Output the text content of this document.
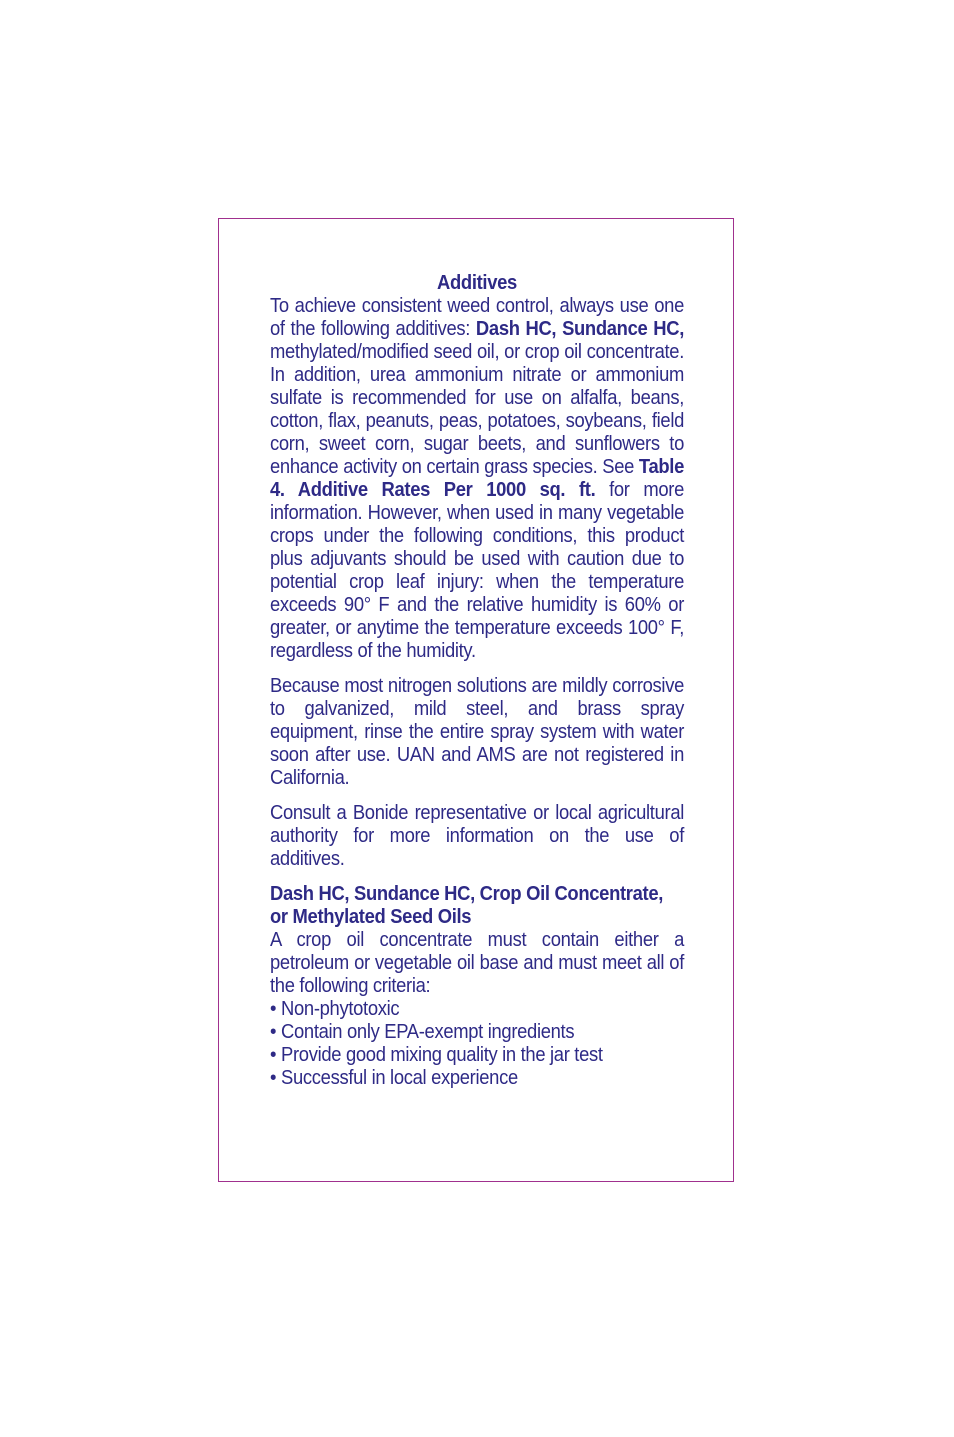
Additives

To achieve consistent weed control, always use one of the following additives: Dash HC, Sundance HC, methylated/modified seed oil, or crop oil concentrate. In addition, urea ammonium nitrate or ammonium sulfate is recommended for use on alfalfa, beans, cotton, flax, peanuts, peas, potatoes, soybeans, field corn, sweet corn, sugar beets, and sunflowers to enhance activity on certain grass species. See Table 4. Additive Rates Per 1000 sq. ft. for more information. However, when used in many vegetable crops under the following conditions, this product plus adjuvants should be used with caution due to potential crop leaf injury: when the temperature exceeds 90° F and the relative humidity is 60% or greater, or anytime the temperature exceeds 100° F, regardless of the humidity.

Because most nitrogen solutions are mildly corrosive to galvanized, mild steel, and brass spray equipment, rinse the entire spray system with water soon after use. UAN and AMS are not registered in California.

Consult a Bonide representative or local agricultural authority for more information on the use of additives.

Dash HC, Sundance HC, Crop Oil Concentrate, or Methylated Seed Oils
A crop oil concentrate must contain either a petroleum or vegetable oil base and must meet all of the following criteria:
• Non-phytotoxic
• Contain only EPA-exempt ingredients
• Provide good mixing quality in the jar test
• Successful in local experience
